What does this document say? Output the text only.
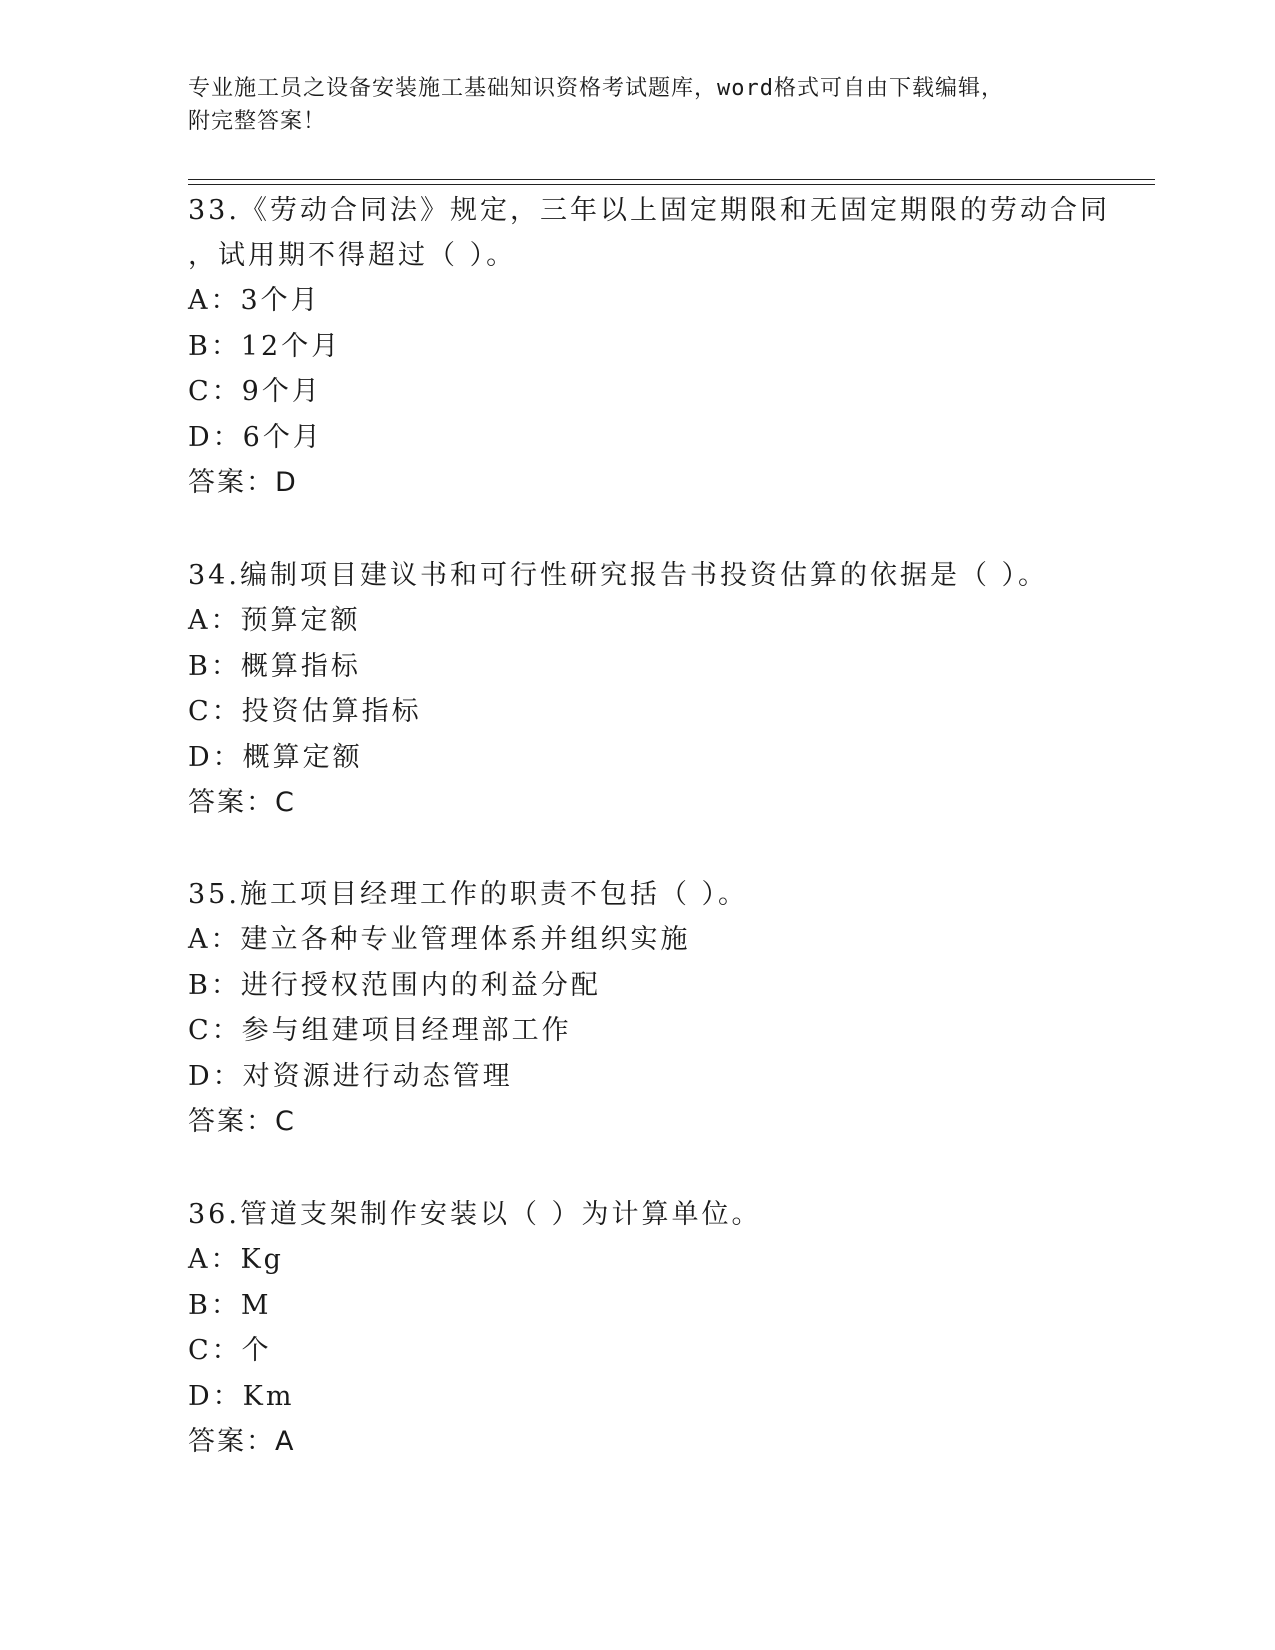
专业施工员之设备安装施工基础知识资格考试题库，word格式可自由下载编辑，
附完整答案！

33.《劳动合同法》规定，三年以上固定期限和无固定期限的劳动合同

，试用期不得超过（ ）。

A：3个月

B：12个月

C：9个月

D：6个月

答案：D

34.编制项目建议书和可行性研究报告书投资估算的依据是（ ）。

A：预算定额

B：概算指标

C：投资估算指标

D：概算定额

答案：C

35.施工项目经理工作的职责不包括（ ）。

A：建立各种专业管理体系并组织实施

B：进行授权范围内的利益分配

C：参与组建项目经理部工作

D：对资源进行动态管理

答案：C

36.管道支架制作安装以（ ）为计算单位。

A：Kg

B：M

C：个

D：Km

答案：A
